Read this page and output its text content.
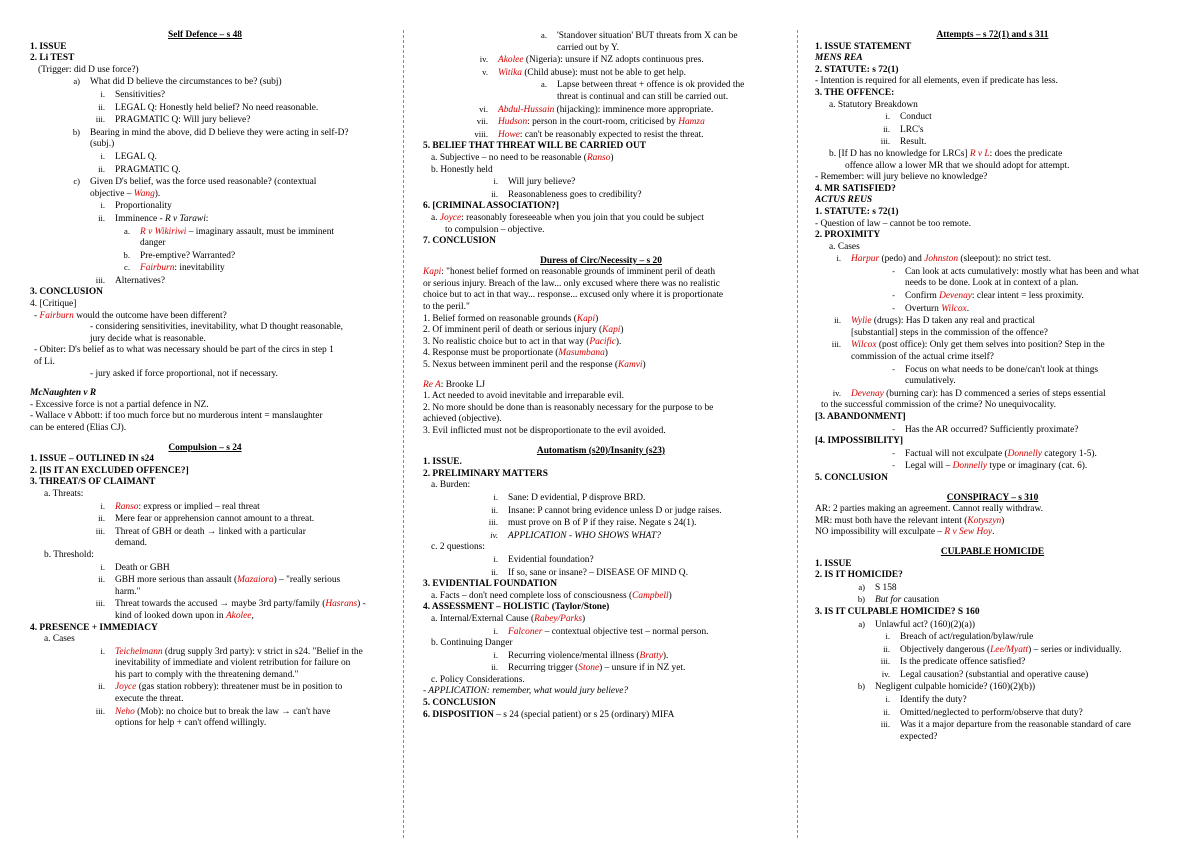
Self Defence – s 48
1. ISSUE
2. Li TEST
(Trigger: did D use force?)
a) What did D believe the circumstances to be? (subj)
i. Sensitivities?
ii. LEGAL Q: Honestly held belief? No need reasonable.
iii. PRAGMATIC Q: Will jury believe?
b) Bearing in mind the above, did D believe they were acting in self-D?
(subj.)
i. LEGAL Q.
ii. PRAGMATIC Q.
c) Given D's belief, was the force used reasonable? (contextual
objective – Wang).
i. Proportionality
ii. Imminence - R v Tarawi:
a. R v Wikiriwi – imaginary assault, must be imminent
danger
b. Pre-emptive? Warranted?
c. Fairburn: inevitability
iii. Alternatives?
3. CONCLUSION
4. [Critique]
- Fairburn would the outcome have been different?
- considering sensitivities, inevitability, what D thought reasonable,
jury decide what is reasonable.
- Obiter: D's belief as to what was necessary should be part of the circs in step 1
of Li.
- jury asked if force proportional, not if necessary.
McNaughten v R
- Excessive force is not a partial defence in NZ.
- Wallace v Abbott: if too much force but no murderous intent = manslaughter
can be entered (Elias CJ).
Compulsion – s 24
1. ISSUE – OUTLINED IN s24
2. [IS IT AN EXCLUDED OFFENCE?]
3. THREAT/S OF CLAIMANT
a. Threats:
i. Ranso: express or implied – real threat
ii. Mere fear or apprehension cannot amount to a threat.
iii. Threat of GBH or death → linked with a particular
demand.
b. Threshold:
i. Death or GBH
ii. GBH more serious than assault (Mazaiora) – "really serious
harm."
iii. Threat towards the accused → maybe 3rd party/family (Hasrans) -
kind of looked down upon in Akolee,
4. PRESENCE + IMMEDIACY
a. Cases
i. Teichelmann (drug supply 3rd party): v strict in s24. "Belief in the
inevitability of immediate and violent retribution for failure on
his part to comply with the threatening demand."
ii. Joyce (gas station robbery): threatener must be in position to
execute the threat.
iii. Neho (Mob): no choice but to break the law → can't have
options for help + can't offend willingly.
a. 'Standover situation' BUT threats from X can be
carried out by Y.
iv. Akolee (Nigeria): unsure if NZ adopts continuous pres.
v. Witika (Child abuse): must not be able to get help.
a. Lapse between threat + offence is ok provided the
threat is continual and can still be carried out.
vi. Abdul-Hussain (hijacking): imminence more appropriate.
vii. Hudson: person in the court-room, criticised by Hamza
viii. Howe: can't be reasonably expected to resist the threat.
5. BELIEF THAT THREAT WILL BE CARRIED OUT
a. Subjective – no need to be reasonable (Ranso)
b. Honestly held
i. Will jury believe?
ii. Reasonableness goes to credibility?
6. [CRIMINAL ASSOCIATION?]
a. Joyce: reasonably foreseeable when you join that you could be subject
to compulsion – objective.
7. CONCLUSION
Duress of Circ/Necessity – s 20
Kapi: "honest belief formed on reasonable grounds of imminent peril of death
or serious injury. Breach of the law... only excused where there was no realistic
choice but to act in that way... response... excused only where it is proportionate
to the peril."
1. Belief formed on reasonable grounds (Kapi)
2. Of imminent peril of death or serious injury (Kapi)
3. No realistic choice but to act in that way (Pacific).
4. Response must be proportionate (Masumbana)
5. Nexus between imminent peril and the response (Kamvi)
Re A: Brooke LJ
1. Act needed to avoid inevitable and irreparable evil.
2. No more should be done than is reasonably necessary for the purpose to be
achieved (objective).
3. Evil inflicted must not be disproportionate to the evil avoided.
Automatism (s20)/Insanity (s23)
1. ISSUE.
2. PRELIMINARY MATTERS
a. Burden:
i. Sane: D evidential, P disprove BRD.
ii. Insane: P cannot bring evidence unless D or judge raises.
iii. must prove on B of P if they raise. Negate s 24(1).
iv. APPLICATION - WHO SHOWS WHAT?
c. 2 questions:
i. Evidential foundation?
ii. If so, sane or insane? – DISEASE OF MIND Q.
3. EVIDENTIAL FOUNDATION
a. Facts – don't need complete loss of consciousness (Campbell)
4. ASSESSMENT – HOLISTIC (Taylor/Stone)
a. Internal/External Cause (Rabey/Parks)
i. Falconer – contextual objective test – normal person.
b. Continuing Danger
i. Recurring violence/mental illness (Bratty).
ii. Recurring trigger (Stone) – unsure if in NZ yet.
c. Policy Considerations.
- APPLICATION: remember, what would jury believe?
5. CONCLUSION
6. DISPOSITION – s 24 (special patient) or s 25 (ordinary) MIFA
Attempts – s 72(1) and s 311
1. ISSUE STATEMENT
MENS REA
2. STATUTE: s 72(1)
- Intention is required for all elements, even if predicate has less.
3. THE OFFENCE:
a. Statutory Breakdown
i. Conduct
ii. LRC's
iii. Result.
b. [If D has no knowledge for LRCs] R v L: does the predicate
offence allow a lower MR that we should adopt for attempt.
- Remember: will jury believe no knowledge?
4. MR SATISFIED?
ACTUS REUS
1. STATUTE: s 72(1)
- Question of law – cannot be too remote.
2. PROXIMITY
a. Cases
i. Harpur (pedo) and Johnston (sleepout): no strict test.
- Can look at acts cumulatively: mostly what has been and what
needs to be done. Look at in context of a plan.
- Confirm Devenay: clear intent = less proximity.
- Overturn Wilcox.
ii. Wylie (drugs): Has D taken any real and practical
[substantial] steps in the commission of the offence?
iii. Wilcox (post office): Only get them selves into position? Step in the
commission of the actual crime itself?
- Focus on what needs to be done/can't look at things
cumulatively.
iv. Devenay (burning car): has D commenced a series of steps essential
to the successful commission of the crime? No unequivocality.
[3. ABANDONMENT]
- Has the AR occurred? Sufficiently proximate?
[4. IMPOSSIBILITY]
- Factual will not exculpate (Donnelly category 1-5).
- Legal will – Donnelly type or imaginary (cat. 6).
5. CONCLUSION
CONSPIRACY – s 310
AR: 2 parties making an agreement. Cannot really withdraw.
MR: must both have the relevant intent (Kotyszyn)
NO impossibility will exculpate – R v Sew Hoy.
CULPABLE HOMICIDE
1. ISSUE
2. IS IT HOMICIDE?
a) S 158
b) But for causation
3. IS IT CULPABLE HOMICIDE? S 160
a) Unlawful act? (160)(2)(a))
i. Breach of act/regulation/bylaw/rule
ii. Objectively dangerous (Lee/Myatt) – series or individually.
iii. Is the predicate offence satisfied?
iv. Legal causation? (substantial and operative cause)
b) Negligent culpable homicide? (160)(2)(b))
i. Identify the duty?
ii. Omitted/neglected to perform/observe that duty?
iii. Was it a major departure from the reasonable standard of care
expected?
